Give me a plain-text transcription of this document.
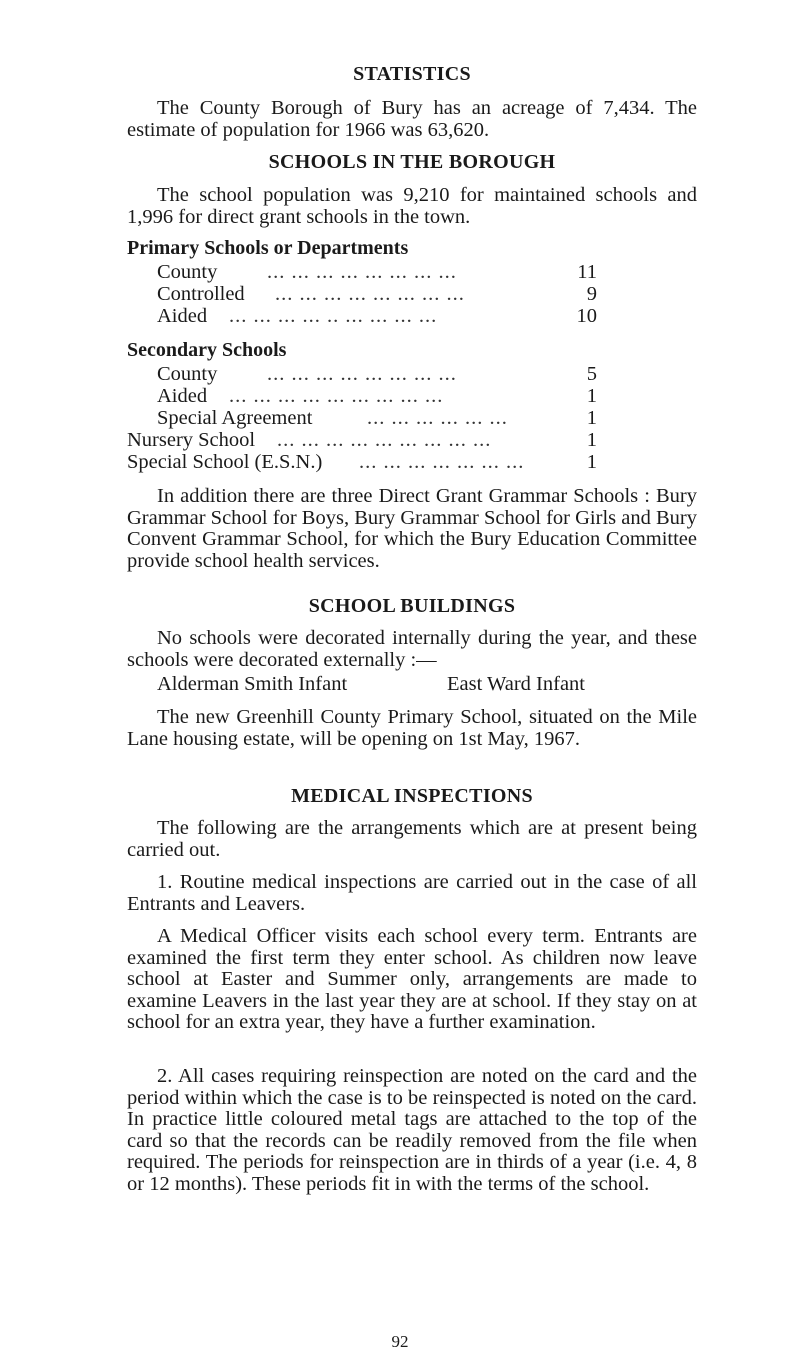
STATISTICS

The County Borough of Bury has an acreage of 7,434. The estimate of population for 1966 was 63,620.

SCHOOLS IN THE BOROUGH

The school population was 9,210 for maintained schools and 1,996 for direct grant schools in the town.

Primary Schools or Departments
County ... ... ... ... ... ... ... ...	11
Controlled ... ... ... ... ... ... ... ...	9
Aided ... ... ... ... .. ... ... ... ...	10
Secondary Schools
County ... ... ... ... ... ... ... ...	5
Aided ... ... ... ... ... ... ... ... ...	1
Special Agreement	... ... ... ... ... ...	1
Nursery School ... ... ... ... ... ... ... ... ...	1
Special School (E.S.N.) ... ... ... ... ... ... ...	1

In addition there are three Direct Grant Grammar Schools : Bury Grammar School for Boys, Bury Grammar School for Girls and Bury Convent Grammar School, for which the Bury Education Committee provide school health services.

SCHOOL BUILDINGS

No schools were decorated internally during the year, and these schools were decorated externally :—

Alderman Smith Infant	East Ward Infant

The new Greenhill County Primary School, situated on the Mile Lane housing estate, will be opening on 1st May, 1967.

MEDICAL INSPECTIONS

The following are the arrangements which are at present being carried out.

1. Routine medical inspections are carried out in the case of all Entrants and Leavers.

A Medical Officer visits each school every term. Entrants are examined the first term they enter school. As children now leave school at Easter and Summer only, arrangements are made to examine Leavers in the last year they are at school. If they stay on at school for an extra year, they have a further examination.

2. All cases requiring reinspection are noted on the card and the period within which the case is to be reinspected is noted on the card. In practice little coloured metal tags are attached to the top of the card so that the records can be readily removed from the file when required. The periods for reinspection are in thirds of a year (i.e. 4, 8 or 12 months). These periods fit in with the terms of the school.

92
